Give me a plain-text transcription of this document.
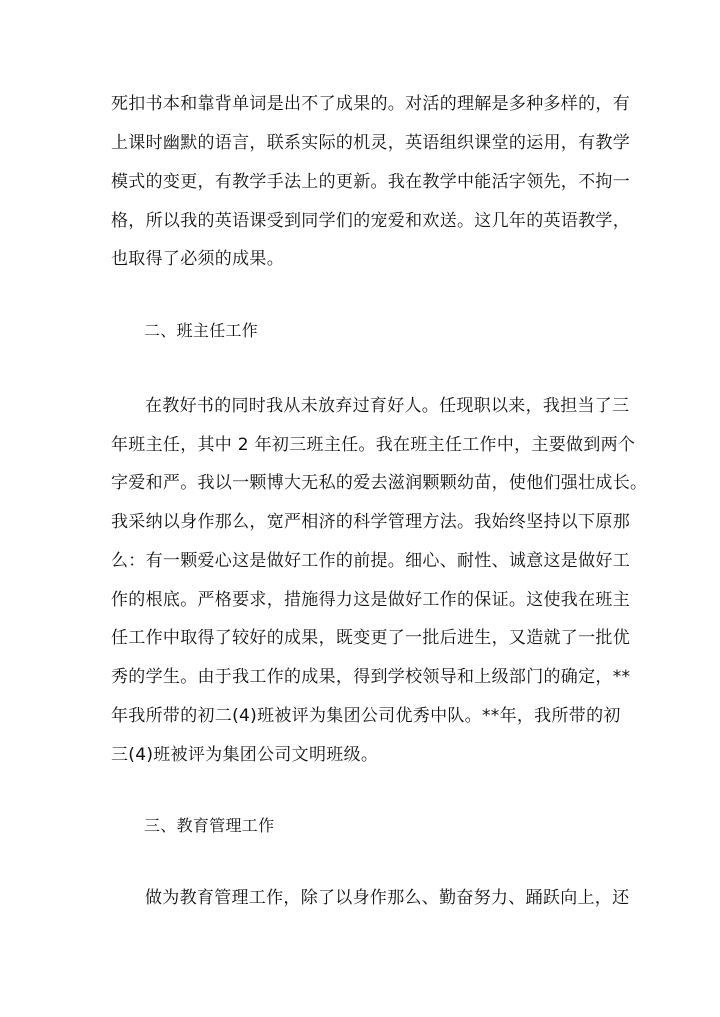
死扣书本和靠背单词是出不了成果的。对活的理解是多种多样的，有
上课时幽默的语言，联系实际的机灵，英语组织课堂的运用，有教学
模式的变更，有教学手法上的更新。我在教学中能活字领先，不拘一
格，所以我的英语课受到同学们的宠爱和欢送。这几年的英语教学，
也取得了必须的成果。
二、班主任工作
在教好书的同时我从未放弃过育好人。任现职以来，我担当了三
年班主任，其中 2 年初三班主任。我在班主任工作中，主要做到两个
字爱和严。我以一颗博大无私的爱去滋润颗颗幼苗，使他们强壮成长。
我采纳以身作那么，宽严相济的科学管理方法。我始终坚持以下原那
么：有一颗爱心这是做好工作的前提。细心、耐性、诚意这是做好工
作的根底。严格要求，措施得力这是做好工作的保证。这使我在班主
任工作中取得了较好的成果，既变更了一批后进生，又造就了一批优
秀的学生。由于我工作的成果，得到学校领导和上级部门的确定，**
年我所带的初二(4)班被评为集团公司优秀中队。**年，我所带的初
三(4)班被评为集团公司文明班级。
三、教育管理工作
做为教育管理工作，除了以身作那么、勤奋努力、踊跃向上，还
